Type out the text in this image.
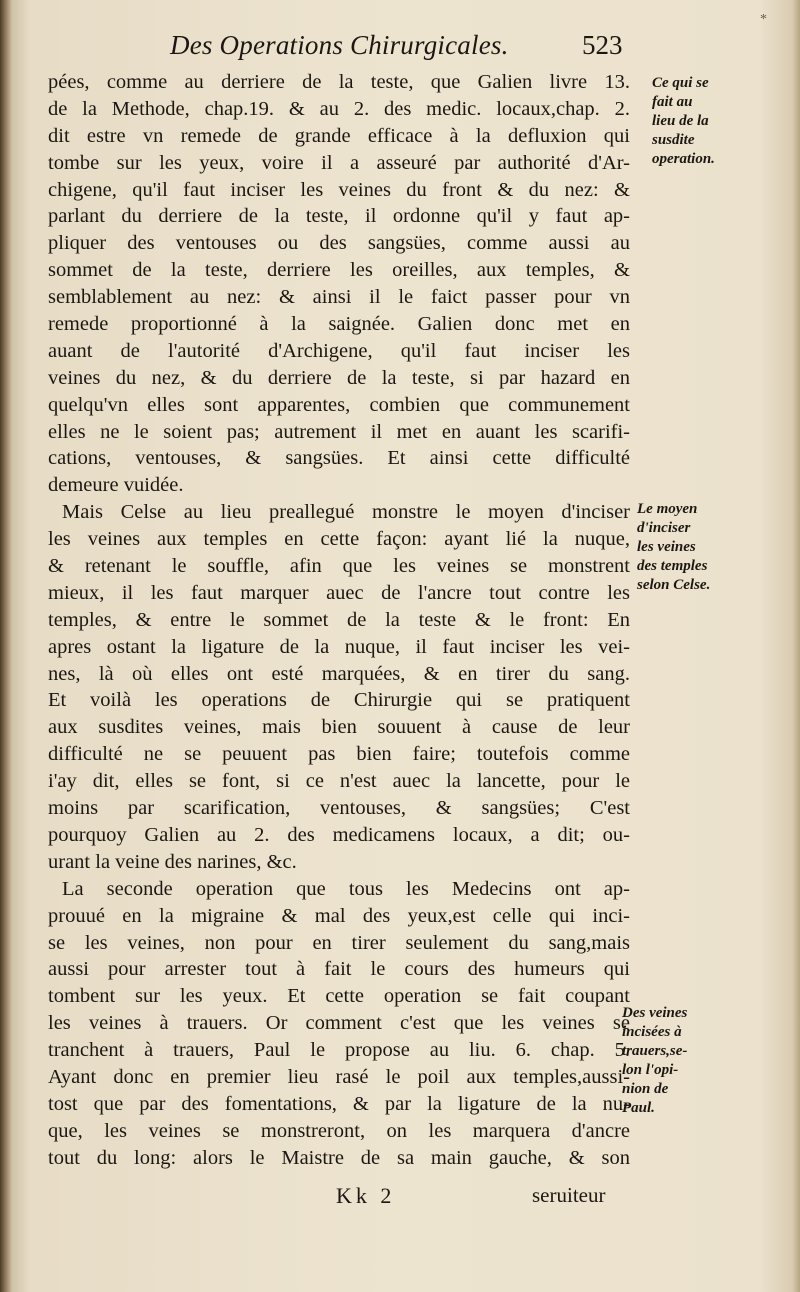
*
Des Operations Chirurgicales.	523
pées, comme au derriere de la teste, que Galien livre 13.
de la Methode, chap.19. & au 2. des medic. locaux,chap. 2.
dit estre vn remede de grande efficace à la defluxion qui
tombe sur les yeux, voire il a asseuré par authorité d'Ar-
chigene, qu'il faut inciser les veines du front & du nez: &
parlant du derriere de la teste, il ordonne qu'il y faut ap-
pliquer des ventouses ou des sangsües, comme aussi au
sommet de la teste, derriere les oreilles, aux temples, &
semblablement au nez: & ainsi il le faict passer pour vn
remede proportionné à la saignée. Galien donc met en
auant de l'autorité d'Archigene, qu'il faut inciser les
veines du nez, & du derriere de la teste, si par hazard en
quelqu'vn elles sont apparentes, combien que communement
elles ne le soient pas; autrement il met en auant les scarifi-
cations, ventouses, & sangsües. Et ainsi cette difficulté
demeure vuidée.
Mais Celse au lieu preallegué monstre le moyen d'inciser
les veines aux temples en cette façon: ayant lié la nuque,
& retenant le souffle, afin que les veines se monstrent
mieux, il les faut marquer auec de l'ancre tout contre les
temples, & entre le sommet de la teste & le front: En
apres ostant la ligature de la nuque, il faut inciser les vei-
nes, là où elles ont esté marquées, & en tirer du sang.
Et voilà les operations de Chirurgie qui se pratiquent
aux susdites veines, mais bien souuent à cause de leur
difficulté ne se peuuent pas bien faire; toutefois comme
i'ay dit, elles se font, si ce n'est auec la lancette, pour le
moins par scarification, ventouses, & sangsües; C'est
pourquoy Galien au 2. des medicamens locaux, a dit; ou-
urant la veine des narines, &c.
La seconde operation que tous les Medecins ont ap-
prouué en la migraine & mal des yeux,est celle qui inci-
se les veines, non pour en tirer seulement du sang,mais
aussi pour arrester tout à fait le cours des humeurs qui
tombent sur les yeux. Et cette operation se fait coupant
les veines à trauers. Or comment c'est que les veines se
tranchent à trauers, Paul le propose au liu. 6. chap. 5.
Ayant donc en premier lieu rasé le poil aux temples,aussi-
tost que par des fomentations, & par la ligature de la nu-
que, les veines se monstreront, on les marquera d'ancre
tout du long: alors le Maistre de sa main gauche, & son
Ce qui se
fait au
lieu de la
susdite
operation.
Le moyen
d'inciser
les veines
des temples
selon Celse.
Des veines
incisées à
trauers,se-
lon l'opi-
nion de
Paul.
Kk 2	seruiteur
